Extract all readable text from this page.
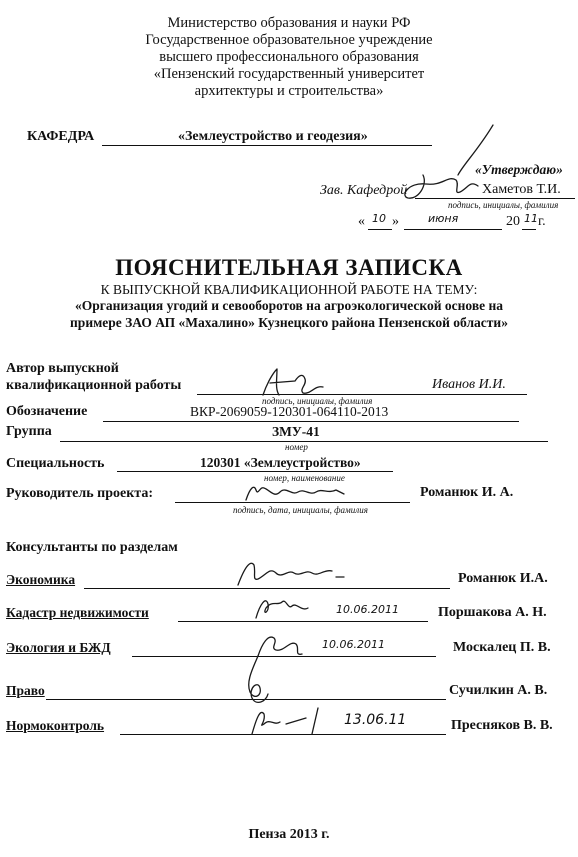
Министерство образования и науки РФ
Государственное образовательное учреждение
высшего профессионального образования
«Пензенский государственный университет
архитектуры и строительства»
КАФЕДРА	«Землеустройство и геодезия»
«Утверждаю»
Зав. Кафедрой	Хаметов Т.И.
подпись, инициалы, фамилия
« 10 »	июня	20 11 г.
ПОЯСНИТЕЛЬНАЯ ЗАПИСКА
К ВЫПУСКНОЙ КВАЛИФИКАЦИОННОЙ РАБОТЕ НА ТЕМУ:
«Организация угодий и севооборотов на агроэкологической основе на
примере ЗАО АП «Махалино» Кузнецкого района Пензенской области»
Автор выпускной
квалификационной работы	Иванов И.И.
подпись, инициалы, фамилия
Обозначение	ВКР-2069059-120301-064110-2013
Группа	ЗМУ-41
номер
Специальность	120301 «Землеустройство»
номер, наименование
Руководитель проекта:	Романюк И. А.
подпись, дата, инициалы, фамилия
Консультанты по разделам
Экономика	Романюк И.А.
Кадастр недвижимости	10.06.2011	Поршакова А. Н.
Экология и БЖД	10.06.2011	Москалец П. В.
Право	Сучилкин А. В.
Нормоконтроль	13.06.11	Пресняков В. В.
Пенза 2013 г.
